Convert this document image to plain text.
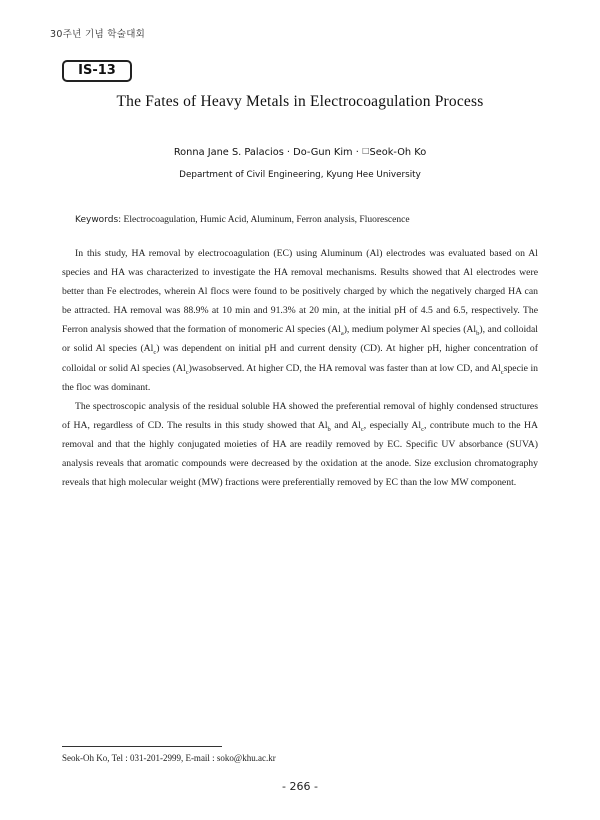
30주년 기념 학술대회
IS-13
The Fates of Heavy Metals in Electrocoagulation Process
Ronna Jane S. Palacios · Do-Gun Kim · □Seok-Oh Ko
Department of Civil Engineering, Kyung Hee University
Keywords: Electrocoagulation, Humic Acid, Aluminum, Ferron analysis, Fluorescence

In this study, HA removal by electrocoagulation (EC) using Aluminum (Al) electrodes was evaluated based on Al species and HA was characterized to investigate the HA removal mechanisms. Results showed that Al electrodes were better than Fe electrodes, wherein Al flocs were found to be positively charged by which the negatively charged HA can be attracted. HA removal was 88.9% at 10 min and 91.3% at 20 min, at the initial pH of 4.5 and 6.5, respectively. The Ferron analysis showed that the formation of monomeric Al species $(Al_a)$, medium polymer Al species $(Al_b)$, and colloidal or solid Al species $(Al_c)$ was dependent on initial pH and current density (CD). At higher pH, higher concentration of colloidal or solid Al species $(Al_c)wasobserved$. At higher CD, the HA removal was faster than at low CD, and $Al_cspecie$ in the floc was dominant.

The spectroscopic analysis of the residual soluble HA showed the preferential removal of highly condensed structures of HA, regardless of CD. The results in this study showed that $Al_b$ and $Al_c$, especially $Al_c$, contribute much to the HA removal and that the highly conjugated moieties of HA are readily removed by EC. Specific UV absorbance (SUVA) analysis reveals that aromatic compounds were decreased by the oxidation at the anode. Size exclusion chromatography reveals that high molecular weight (MW) fractions were preferentially removed by EC than the low MW component.

Seok-Oh Ko, Tel : 031-201-2999, E-mail : soko@khu.ac.kr
- 266 -
